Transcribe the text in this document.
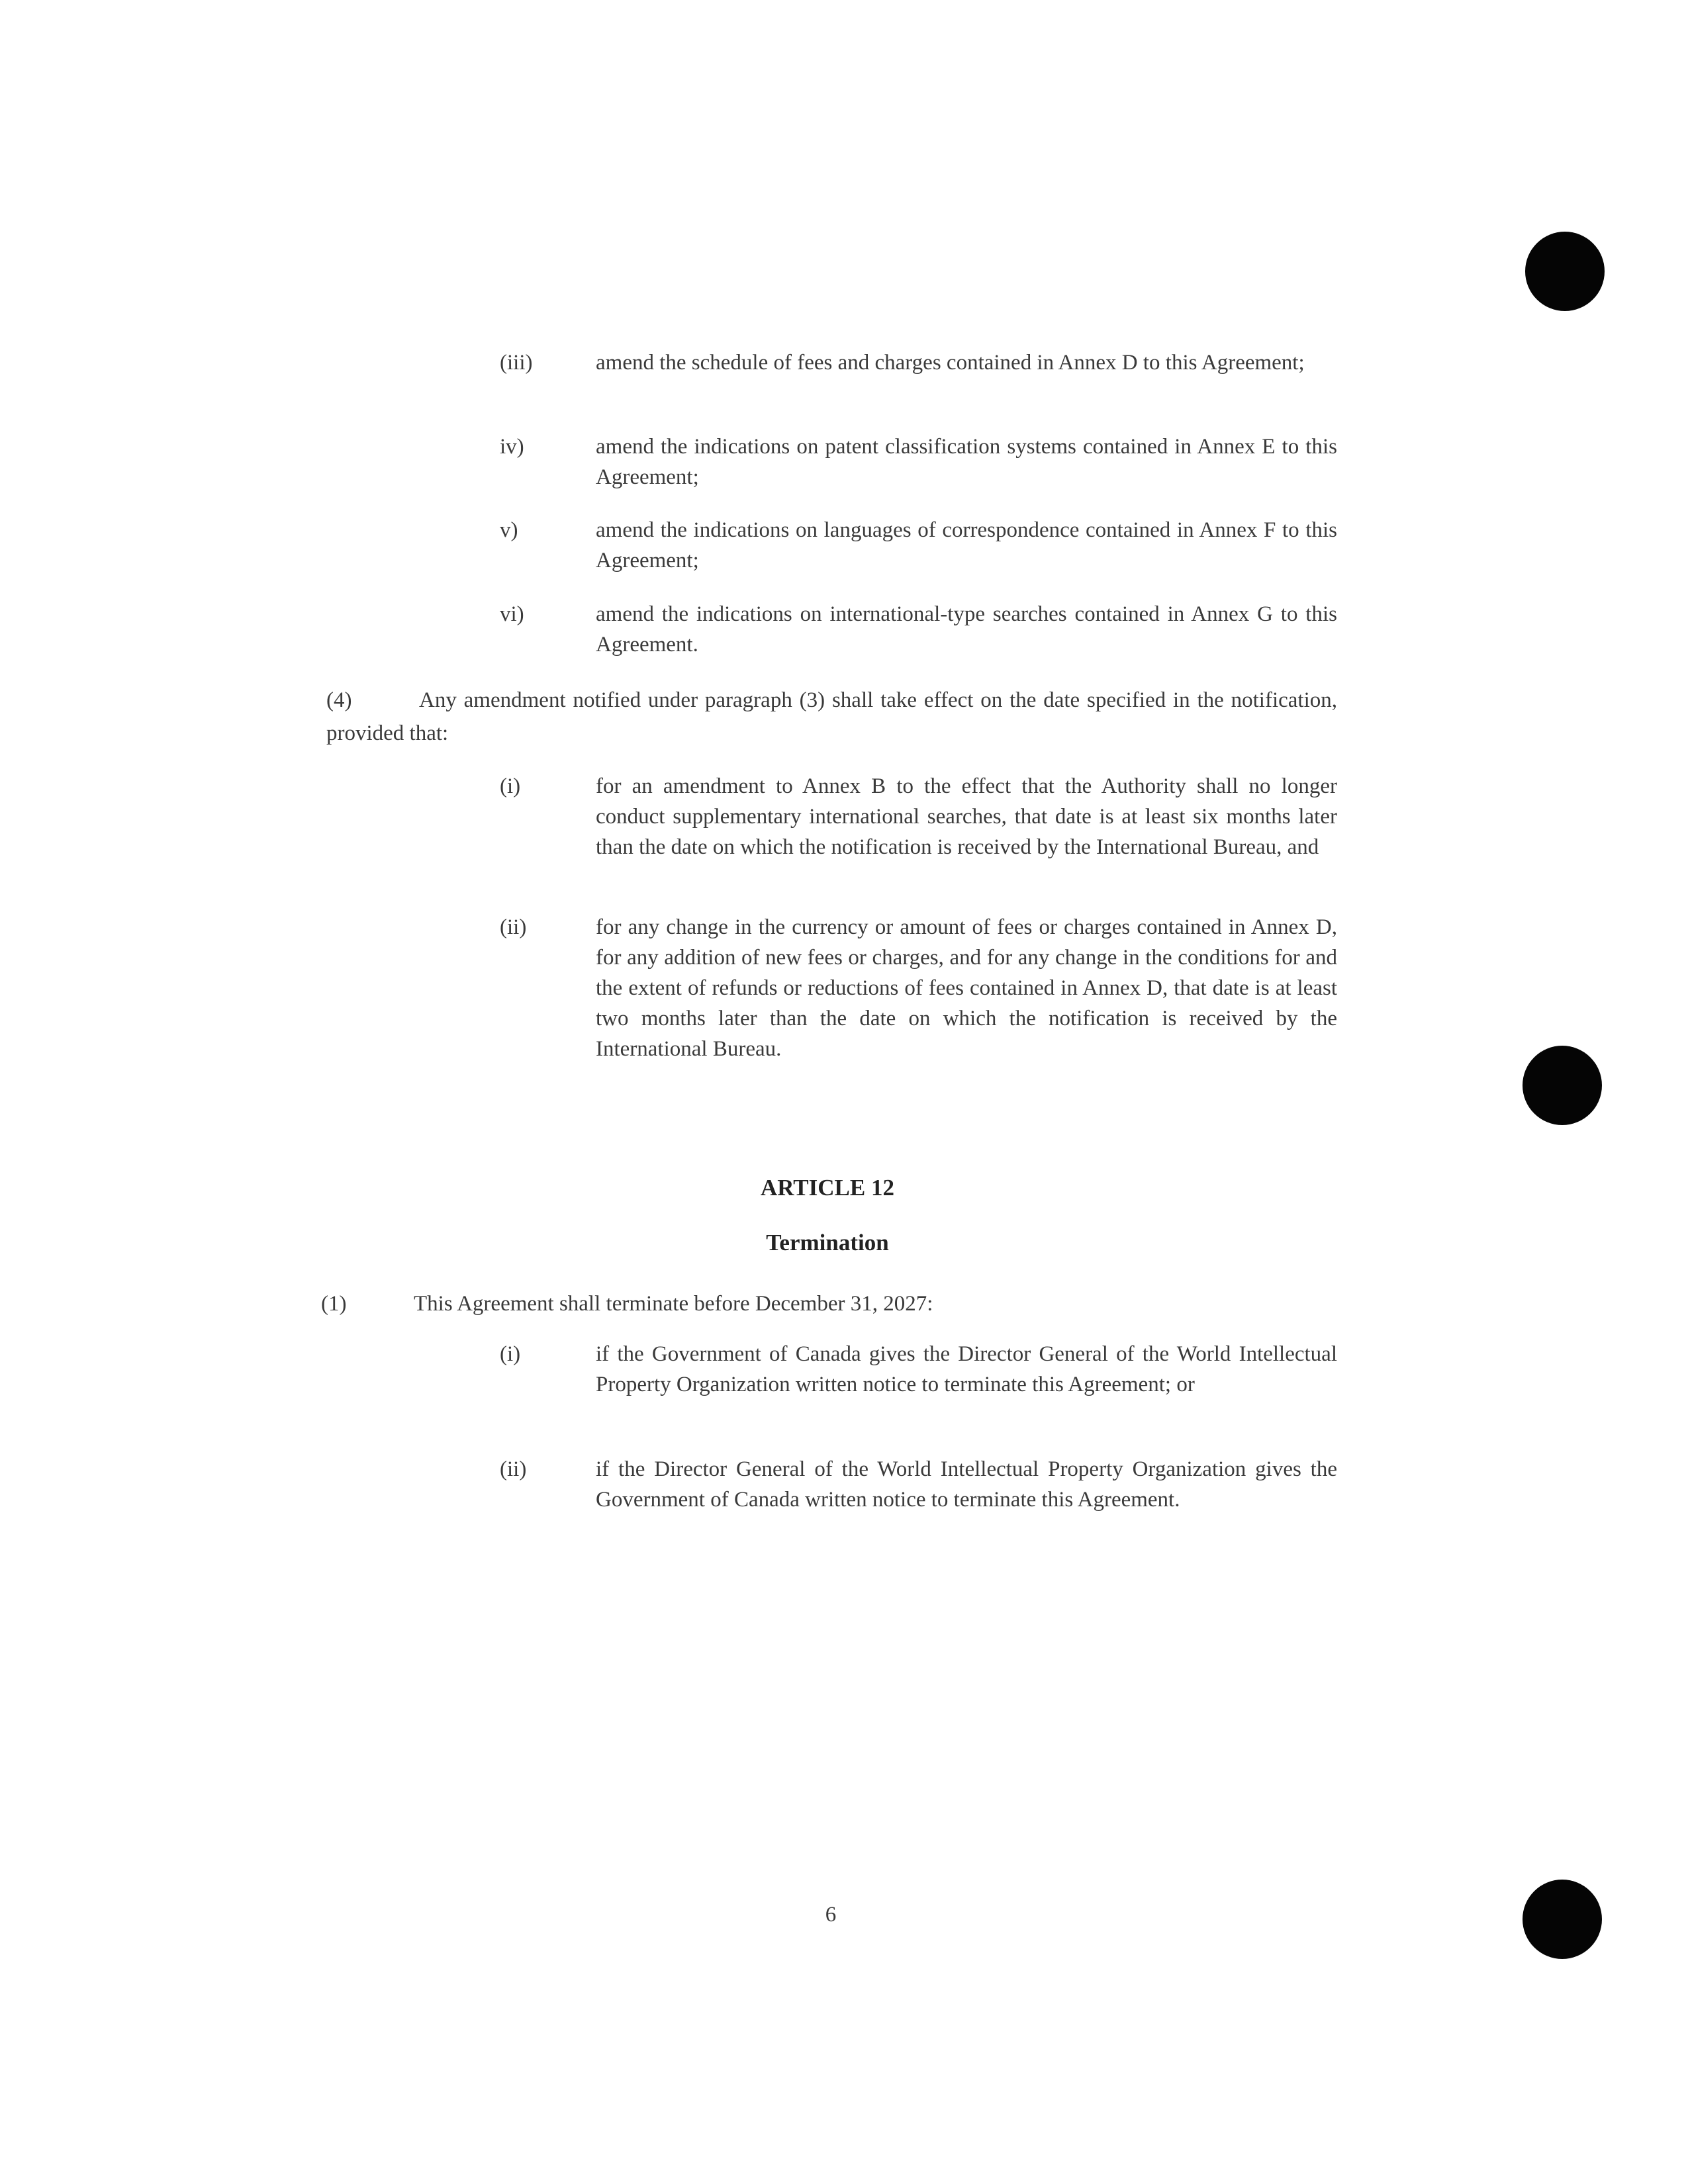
(iii)	amend the schedule of fees and charges contained in Annex D to this Agreement;
iv)	amend the indications on patent classification systems contained in Annex E to this Agreement;
v)	amend the indications on languages of correspondence contained in Annex F to this Agreement;
vi)	amend the indications on international-type searches contained in Annex G to this Agreement.
(4)	Any amendment notified under paragraph (3) shall take effect on the date specified in the notification, provided that:
(i)	for an amendment to Annex B to the effect that the Authority shall no longer conduct supplementary international searches, that date is at least six months later than the date on which the notification is received by the International Bureau, and
(ii)	for any change in the currency or amount of fees or charges contained in Annex D, for any addition of new fees or charges, and for any change in the conditions for and the extent of refunds or reductions of fees contained in Annex D, that date is at least two months later than the date on which the notification is received by the International Bureau.
ARTICLE 12
Termination
(1)	This Agreement shall terminate before December 31, 2027:
(i)	if the Government of Canada gives the Director General of the World Intellectual Property Organization written notice to terminate this Agreement; or
(ii)	if the Director General of the World Intellectual Property Organization gives the Government of Canada written notice to terminate this Agreement.
6
